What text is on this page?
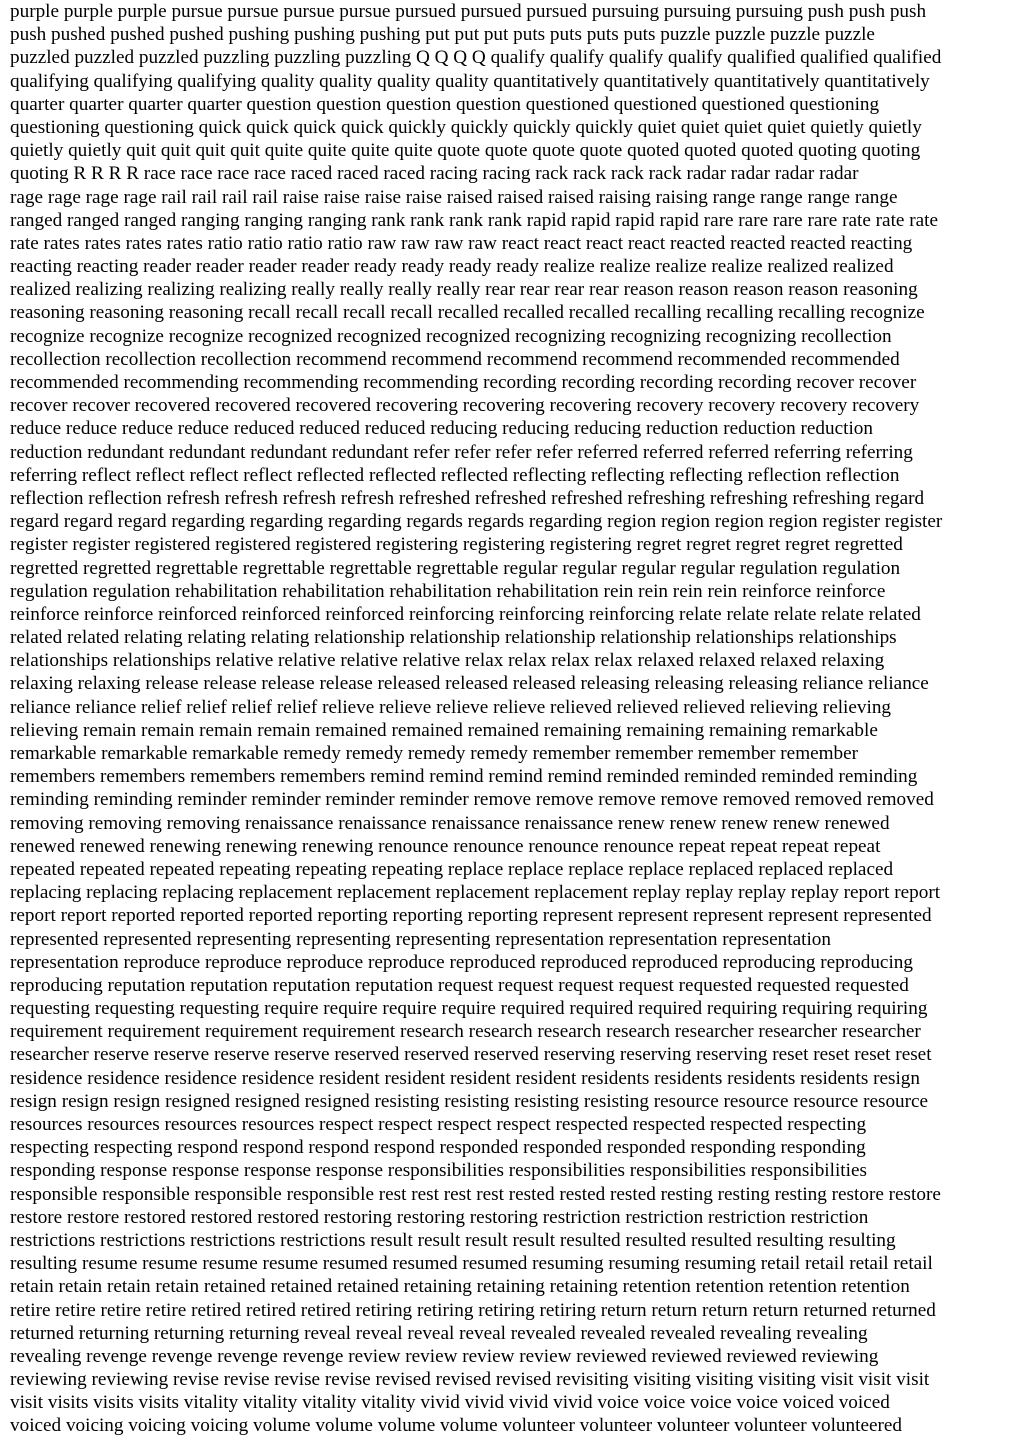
purple purple purple pursue pursue pursue pursue pursued pursued pursued pursuing pursuing pursuing push push push
push pushed pushed pushed pushing pushing pushing put put put puts puts puts puts puzzle puzzle puzzle puzzle
puzzled puzzled puzzled puzzling puzzling puzzling Q Q Q Q qualify qualify qualify qualify qualified qualified qualified
qualifying qualifying qualifying quality quality quality quality quantitatively quantitatively quantitatively quantitatively
quarter quarter quarter quarter question question question question questioned questioned questioned questioning
questioning questioning quick quick quick quick quickly quickly quickly quickly quiet quiet quiet quiet quietly quietly
quietly quietly quit quit quit quit quite quite quite quite quote quote quote quote quoted quoted quoted quoting quoting
quoting R R R R race race race race raced raced raced racing racing rack rack rack rack radar radar radar radar
rage rage rage rage rail rail rail rail raise raise raise raise raised raised raised raising raising range range range range
ranged ranged ranged ranging ranging ranging rank rank rank rank rapid rapid rapid rapid rare rare rare rare rate rate rate
rate rates rates rates rates ratio ratio ratio ratio raw raw raw raw react react react react reacted reacted reacted reacting
reacting reacting reader reader reader reader ready ready ready ready realize realize realize realize realized realized
realized realizing realizing realizing really really really really rear rear rear rear reason reason reason reason reasoning
reasoning reasoning reasoning recall recall recall recall recalled recalled recalled recalling recalling recalling recognize
recognize recognize recognize recognized recognized recognized recognizing recognizing recognizing recollection
recollection recollection recollection recommend recommend recommend recommend recommended recommended
recommended recommending recommending recommending recording recording recording recording recover recover
recover recover recovered recovered recovered recovering recovering recovering recovery recovery recovery recovery
reduce reduce reduce reduce reduced reduced reduced reducing reducing reducing reduction reduction reduction
reduction redundant redundant redundant redundant refer refer refer refer referred referred referred referring referring
referring reflect reflect reflect reflect reflected reflected reflected reflecting reflecting reflecting reflection reflection
reflection reflection refresh refresh refresh refresh refreshed refreshed refreshed refreshing refreshing refreshing regard
regard regard regard regarding regarding regarding regards regards regarding region region region region register register
register register registered registered registered registering registering registering regret regret regret regret regretted
regretted regretted regrettable regrettable regrettable regrettable regular regular regular regular regulation regulation
regulation regulation rehabilitation rehabilitation rehabilitation rehabilitation rein rein rein rein reinforce reinforce
reinforce reinforce reinforced reinforced reinforced reinforcing reinforcing reinforcing relate relate relate relate related
related related relating relating relating relationship relationship relationship relationship relationships relationships
relationships relationships relative relative relative relative relax relax relax relax relaxed relaxed relaxed relaxing
relaxing relaxing release release release release released released released releasing releasing releasing reliance reliance
reliance reliance relief relief relief relief relieve relieve relieve relieve relieved relieved relieved relieving relieving
relieving remain remain remain remain remained remained remained remaining remaining remaining remarkable
remarkable remarkable remarkable remedy remedy remedy remedy remember remember remember remember
remembers remembers remembers remembers remind remind remind remind reminded reminded reminded reminding
reminding reminding reminder reminder reminder reminder remove remove remove remove removed removed removed
removing removing removing renaissance renaissance renaissance renaissance renew renew renew renew renewed
renewed renewed renewing renewing renewing renounce renounce renounce renounce repeat repeat repeat repeat
repeated repeated repeated repeating repeating repeating replace replace replace replace replaced replaced replaced
replacing replacing replacing replacement replacement replacement replacement replay replay replay replay report report
report report reported reported reported reporting reporting reporting represent represent represent represent represented
represented represented representing representing representing representation representation representation
representation reproduce reproduce reproduce reproduce reproduced reproduced reproduced reproducing reproducing
reproducing reputation reputation reputation reputation request request request request requested requested requested
requesting requesting requesting require require require require required required required requiring requiring requiring
requirement requirement requirement requirement research research research research researcher researcher researcher
researcher reserve reserve reserve reserve reserved reserved reserved reserving reserving reserving reset reset reset reset
residence residence residence residence resident resident resident resident residents residents residents residents resign
resign resign resign resigned resigned resigned resisting resisting resisting resisting resource resource resource resource
resources resources resources resources respect respect respect respect respected respected respected respecting
respecting respecting respond respond respond respond responded responded responded responding responding
responding response response response response responsibilities responsibilities responsibilities responsibilities
responsible responsible responsible responsible rest rest rest rest rested rested rested resting resting resting restore restore
restore restore restored restored restored restoring restoring restoring restriction restriction restriction restriction
restrictions restrictions restrictions restrictions result result result result resulted resulted resulted resulting resulting
resulting resume resume resume resume resumed resumed resumed resuming resuming resuming retail retail retail retail
retain retain retain retain retained retained retained retaining retaining retaining retention retention retention retention
retire retire retire retire retired retired retired retiring retiring retiring retiring return return return return returned returned
returned returning returning returning reveal reveal reveal reveal revealed revealed revealed revealing revealing
revealing revenge revenge revenge revenge review review review review reviewed reviewed reviewed reviewing
reviewing reviewing revise revise revise revise revised revised revised revisiting visiting visiting visiting visit visit visit
visit visits visits visits vitality vitality vitality vitality vivid vivid vivid vivid voice voice voice voice voiced voiced
voiced voicing voicing voicing volume volume volume volume volunteer volunteer volunteer volunteer volunteered
